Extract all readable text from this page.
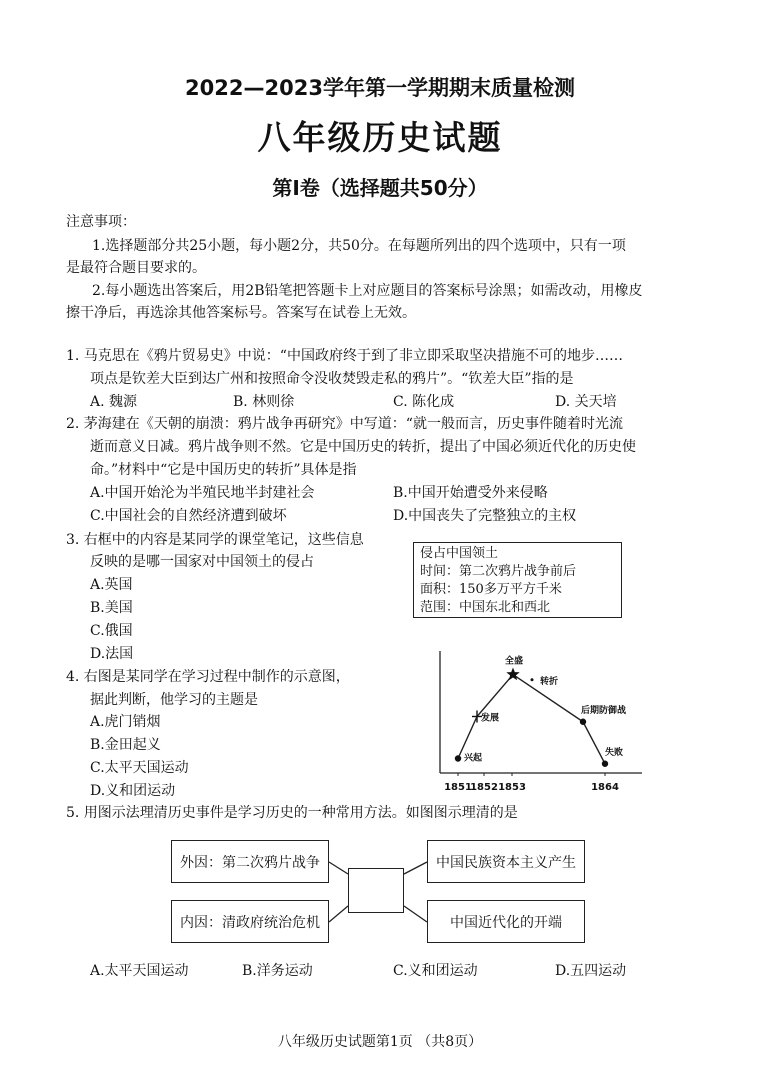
2022—2023学年第一学期期末质量检测
八年级历史试题
第Ⅰ卷（选择题共50分）
注意事项：
1.选择题部分共25小题，每小题2分，共50分。在每题所列出的四个选项中，只有一项
是最符合题目要求的。
2.每小题选出答案后，用2B铅笔把答题卡上对应题目的答案标号涂黑；如需改动，用橡皮
擦干净后，再选涂其他答案标号。答案写在试卷上无效。
1. 马克思在《鸦片贸易史》中说：“中国政府终于到了非立即采取坚决措施不可的地步……
项点是钦差大臣到达广州和按照命令没收焚毁走私的鸦片”。“钦差大臣”指的是
A. 魏源	B. 林则徐	C. 陈化成	D. 关天培
2. 茅海建在《天朝的崩溃：鸦片战争再研究》中写道：“就一般而言，历史事件随着时光流
逝而意义日减。鸦片战争则不然。它是中国历史的转折，提出了中国必须近代化的历史使
命。”材料中“它是中国历史的转折”具体是指
A.中国开始沦为半殖民地半封建社会	B.中国开始遭受外来侵略
C.中国社会的自然经济遭到破坏	D.中国丧失了完整独立的主权
3. 右框中的内容是某同学的课堂笔记，这些信息
反映的是哪一国家对中国领土的侵占
A.英国
B.美国
C.俄国
D.法国
侵占中国领土
时间：第二次鸦片战争前后
面积：150多万平方千米
范围：中国东北和西北
4. 右图是某同学在学习过程中制作的示意图，
据此判断，他学习的主题是
A.虎门销烟
B.金田起义
C.太平天国运动
D.义和团运动	1851
1852 1853	1864
兴起
发展
全盛
转折
后期防御战
失败
5. 用图示法理清历史事件是学习历史的一种常用方法。如图图示理清的是
外因：第二次鸦片战争
内因：清政府统治危机
中国民族资本主义产生
中国近代化的开端
A.太平天国运动	B.洋务运动	C.义和团运动	D.五四运动
八年级历史试题第1页 （共8页）
